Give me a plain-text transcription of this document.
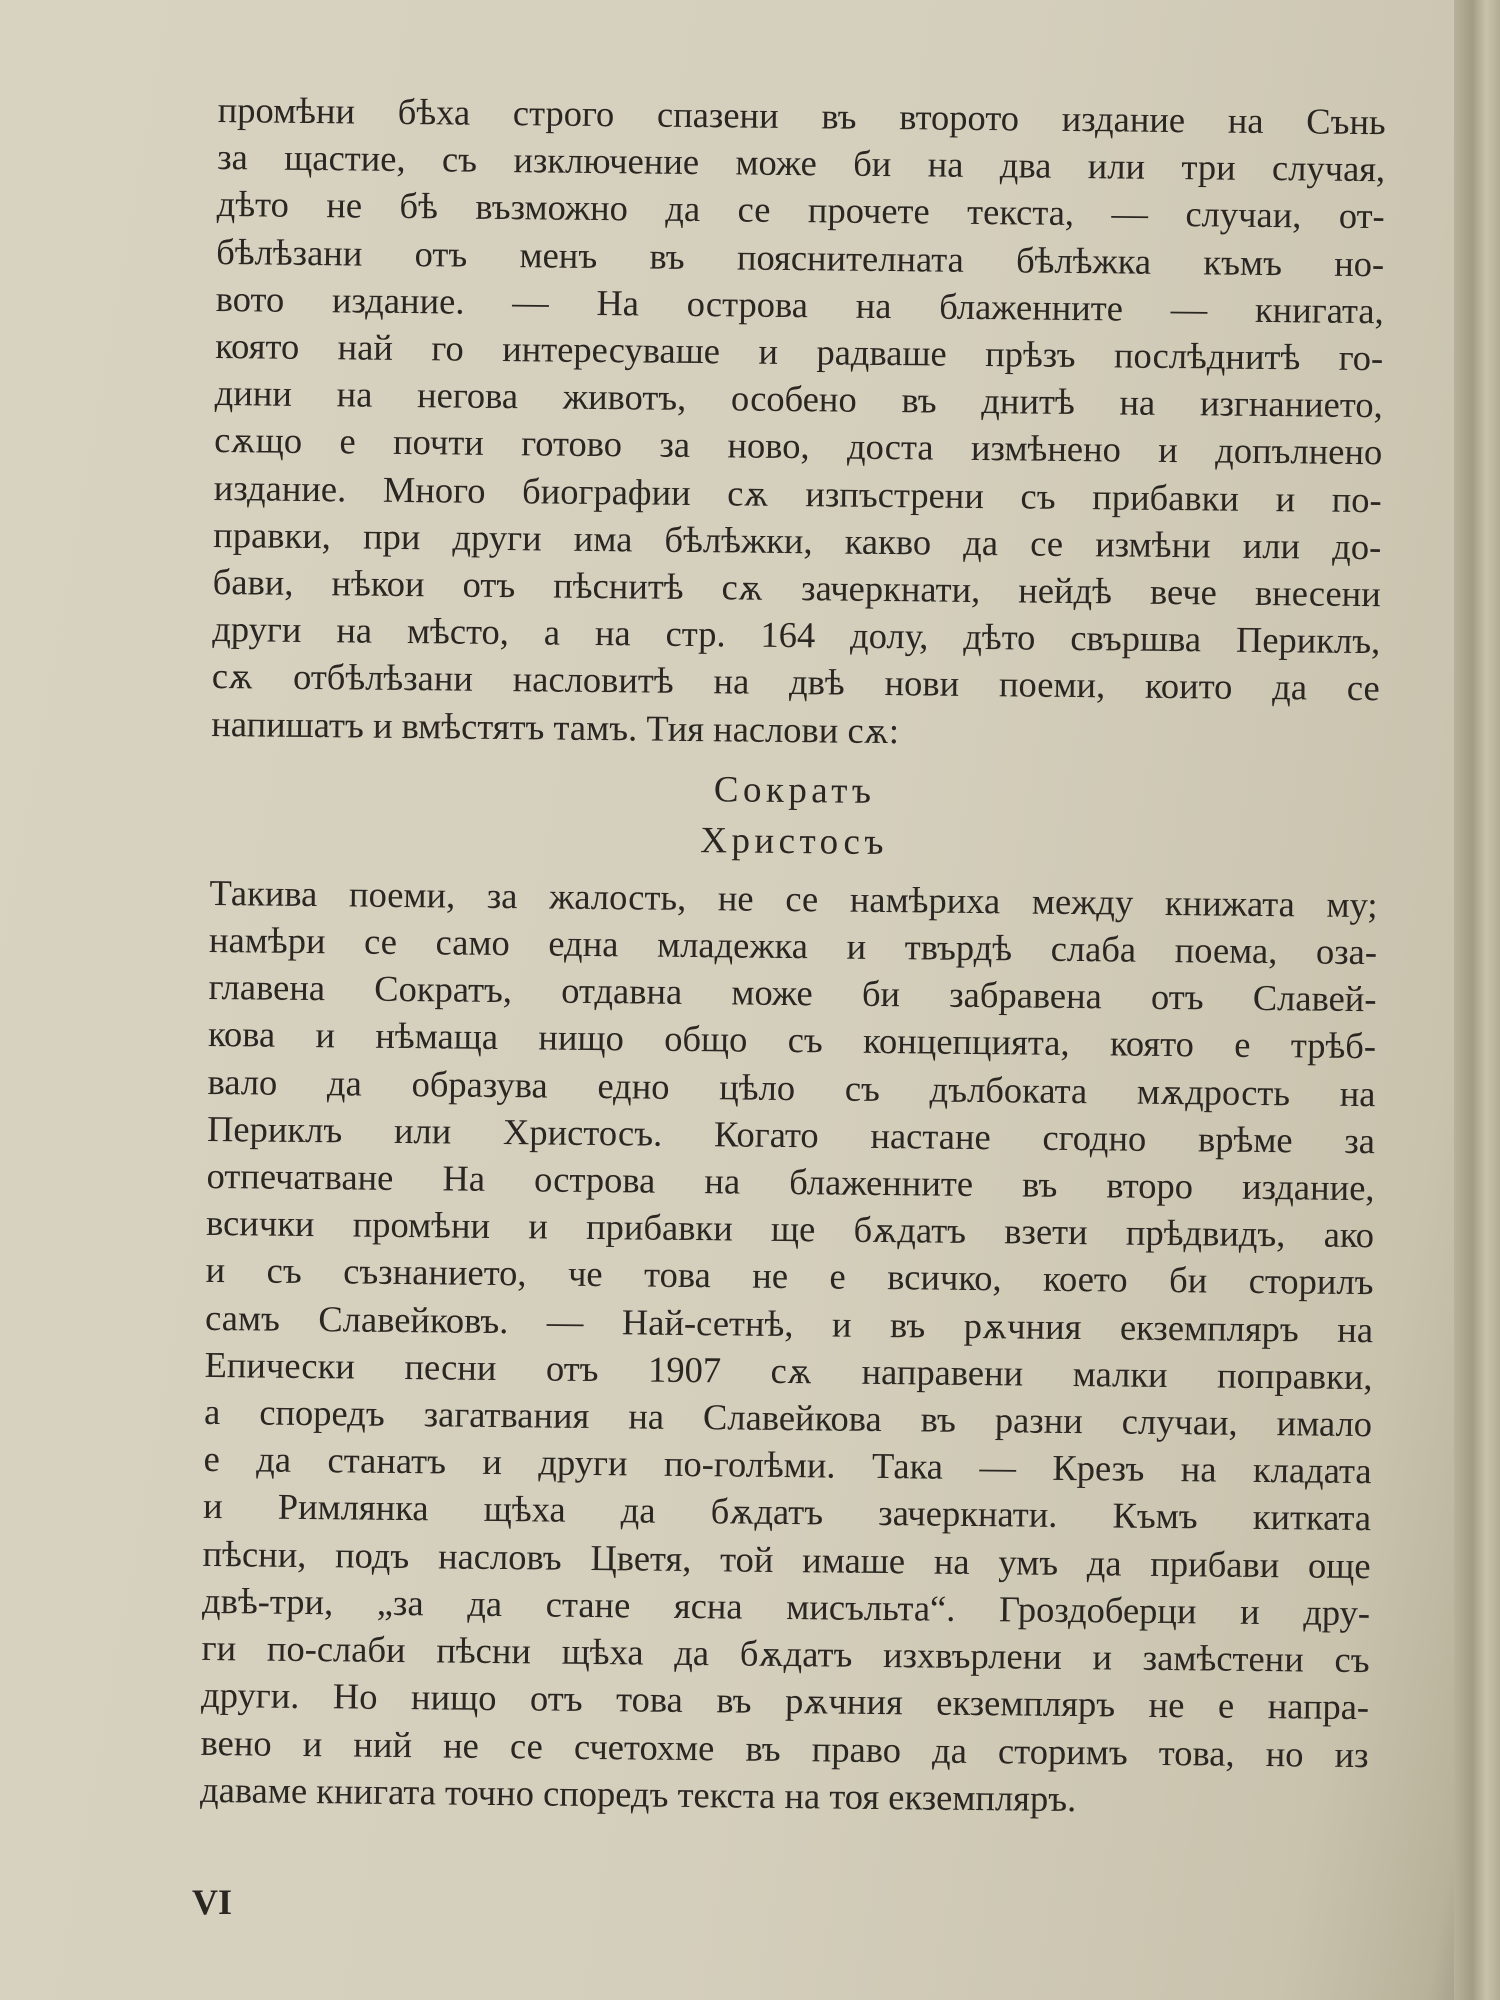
промѣни бѣха строго спазени въ второто издание на Сънь
за щастие, съ изключение може би на два или три случая,
дѣто не бѣ възможно да се прочете текста, — случаи, от-
бѣлѣзани отъ менъ въ пояснителната бѣлѣжка къмъ но-
вото издание. — На острова на блаженните — книгата,
която най го интересуваше и радваше прѣзъ послѣднитѣ го-
дини на негова животъ, особено въ днитѣ на изгнанието,
сѫщо е почти готово за ново, доста измѣнено и допълнено
издание. Много биографии сѫ изпъстрени съ прибавки и по-
правки, при други има бѣлѣжки, какво да се измѣни или до-
бави, нѣкои отъ пѣснитѣ сѫ зачеркнати, нейдѣ вече внесени
други на мѣсто, а на стр. 164 долу, дѣто свършва Периклъ,
сѫ отбѣлѣзани насловитѣ на двѣ нови поеми, които да се
напишатъ и вмѣстятъ тамъ. Тия наслови сѫ:
Сократъ
Христосъ
Такива поеми, за жалость, не се намѣриха между книжата му;
намѣри се само една младежка и твърдѣ слаба поема, оза-
главена Сократъ, отдавна може би забравена отъ Славей-
кова и нѣмаща нищо общо съ концепцията, която е трѣб-
вало да образува едно цѣло съ дълбоката мѫдрость на
Периклъ или Христосъ. Когато настане сгодно врѣме за
отпечатване На острова на блаженните въ второ издание,
всички промѣни и прибавки ще бѫдатъ взети прѣдвидъ, ако
и съ съзнанието, че това не е всичко, което би сторилъ
самъ Славейковъ. — Най-сетнѣ, и въ рѫчния екземпляръ на
Епически песни отъ 1907 сѫ направени малки поправки,
а споредъ загатвания на Славейкова въ разни случаи, имало
е да станатъ и други по-голѣми. Така — Крезъ на кладата
и Римлянка щѣха да бѫдатъ зачеркнати. Къмъ китката
пѣсни, подъ насловъ Цветя, той имаше на умъ да прибави още
двѣ-три, „за да стане ясна мисъльта“. Гроздоберци и дру-
ги по-слаби пѣсни щѣха да бѫдатъ изхвърлени и замѣстени съ
други. Но нищо отъ това въ рѫчния екземпляръ не е напра-
вено и ний не се счетохме въ право да сторимъ това, но из
даваме книгата точно споредъ текста на тоя екземпляръ.
VI
